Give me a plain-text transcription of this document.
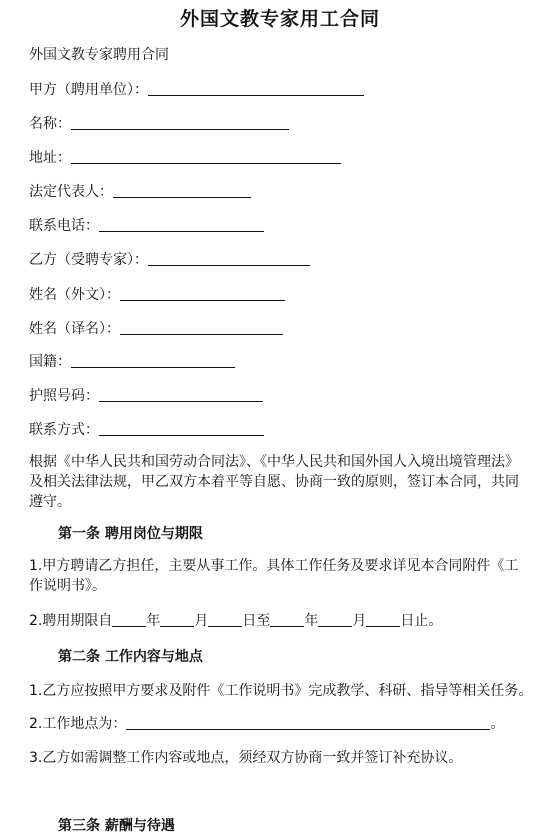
外国文教专家用工合同
外国文教专家聘用合同
甲方（聘用单位）：
名称：
地址：
法定代表人：
联系电话：
乙方（受聘专家）：
姓名（外文）：
姓名（译名）：
国籍：
护照号码：
联系方式：
根据《中华人民共和国劳动合同法》、《中华人民共和国外国人入境出境管理法》及相关法律法规，甲乙双方本着平等自愿、协商一致的原则，签订本合同，共同遵守。
第一条 聘用岗位与期限
1.甲方聘请乙方担任，主要从事工作。具体工作任务及要求详见本合同附件《工作说明书》。
2.聘用期限自 年 月 日至 年 月 日止。
第二条 工作内容与地点
1.乙方应按照甲方要求及附件《工作说明书》完成教学、科研、指导等相关任务。
2.工作地点为：	。
3.乙方如需调整工作内容或地点，须经双方协商一致并签订补充协议。
第三条 薪酬与待遇
